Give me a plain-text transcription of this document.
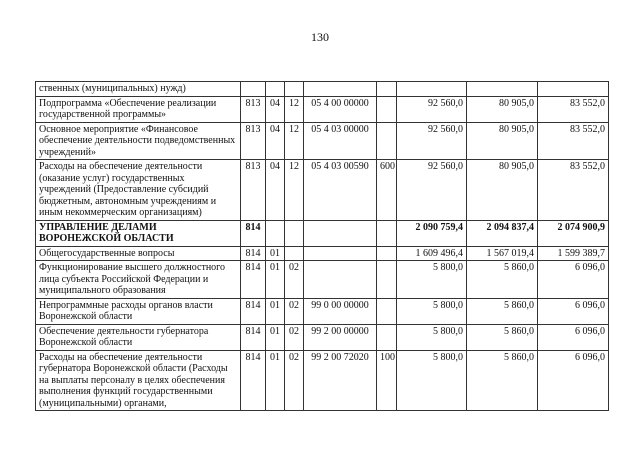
130
ственных (муниципальных) нужд)								
Подпрограмма «Обеспечение реализации государственной программы»	813	04	12	05 4 00 00000		92 560,0	80 905,0	83 552,0
Основное мероприятие «Финансовое обеспечение деятельности подведомственных учреждений»	813	04	12	05 4 03 00000		92 560,0	80 905,0	83 552,0
Расходы на обеспечение деятельности (оказание услуг) государственных учреждений (Предоставление субсидий бюджетным, автономным учреждениям и иным некоммерческим организациям)	813	04	12	05 4 03 00590	600	92 560,0	80 905,0	83 552,0
УПРАВЛЕНИЕ ДЕЛАМИ ВОРОНЕЖСКОЙ ОБЛАСТИ	814					2 090 759,4	2 094 837,4	2 074 900,9
Общегосударственные вопросы	814	01				1 609 496,4	1 567 019,4	1 599 389,7
Функционирование высшего должностного лица субъекта Российской Федерации и муниципального образования	814	01	02			5 800,0	5 860,0	6 096,0
Непрограммные расходы органов власти Воронежской области	814	01	02	99 0 00 00000		5 800,0	5 860,0	6 096,0
Обеспечение деятельности губернатора Воронежской области	814	01	02	99 2 00 00000		5 800,0	5 860,0	6 096,0
Расходы на обеспечение деятельности губернатора Воронежской области (Расходы на выплаты персоналу в целях обеспечения выполнения функций государственными (муниципальными) органами,	814	01	02	99 2 00 72020	100	5 800,0	5 860,0	6 096,0
